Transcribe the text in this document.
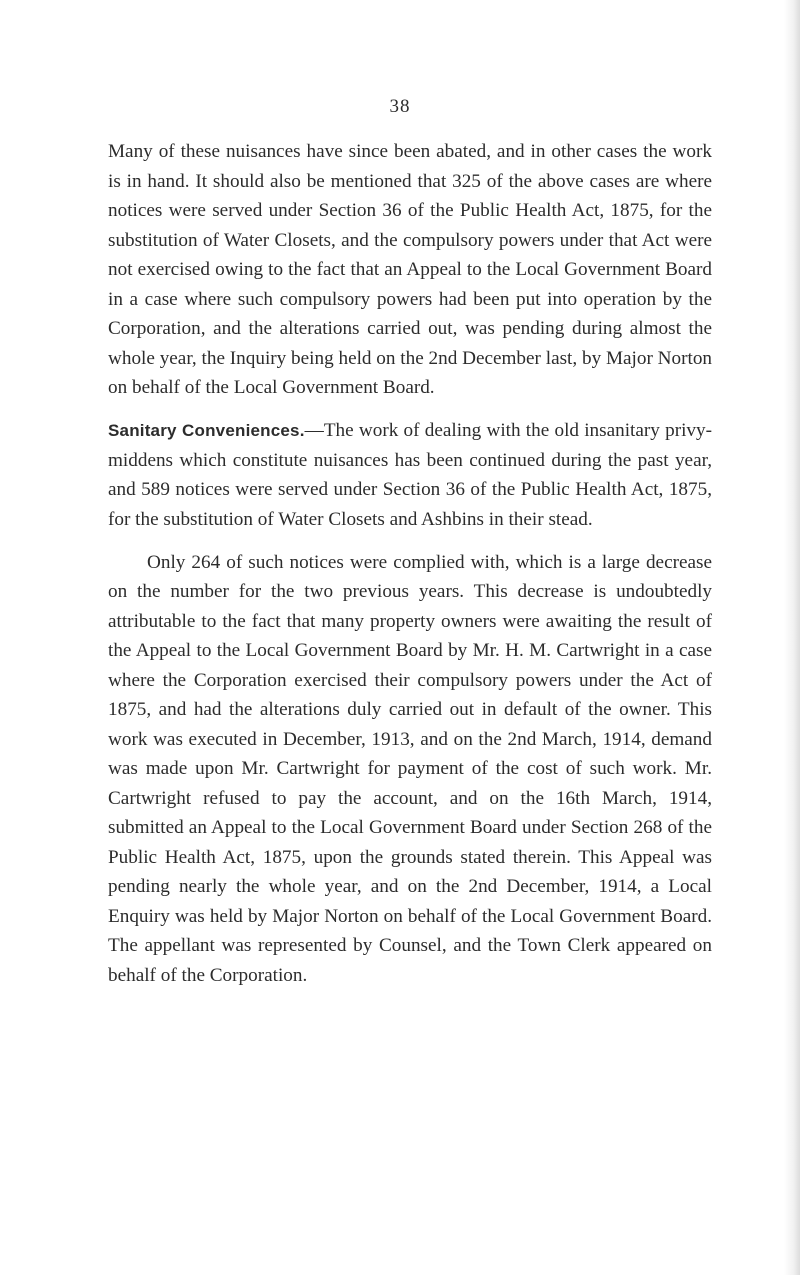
38

Many of these nuisances have since been abated, and in other cases the work is in hand. It should also be mentioned that 325 of the above cases are where notices were served under Section 36 of the Public Health Act, 1875, for the substitution of Water Closets, and the compulsory powers under that Act were not exercised owing to the fact that an Appeal to the Local Government Board in a case where such compulsory powers had been put into operation by the Corporation, and the alterations carried out, was pending during almost the whole year, the Inquiry being held on the 2nd December last, by Major Norton on behalf of the Local Government Board.

Sanitary Conveniences.—The work of dealing with the old insanitary privy-middens which constitute nuisances has been continued during the past year, and 589 notices were served under Section 36 of the Public Health Act, 1875, for the substitution of Water Closets and Ashbins in their stead.

Only 264 of such notices were complied with, which is a large decrease on the number for the two previous years. This decrease is undoubtedly attributable to the fact that many property owners were awaiting the result of the Appeal to the Local Government Board by Mr. H. M. Cartwright in a case where the Corporation exercised their compulsory powers under the Act of 1875, and had the alterations duly carried out in default of the owner. This work was executed in December, 1913, and on the 2nd March, 1914, demand was made upon Mr. Cartwright for payment of the cost of such work. Mr. Cartwright refused to pay the account, and on the 16th March, 1914, submitted an Appeal to the Local Government Board under Section 268 of the Public Health Act, 1875, upon the grounds stated therein. This Appeal was pending nearly the whole year, and on the 2nd December, 1914, a Local Enquiry was held by Major Norton on behalf of the Local Government Board. The appellant was represented by Counsel, and the Town Clerk appeared on behalf of the Corporation.
